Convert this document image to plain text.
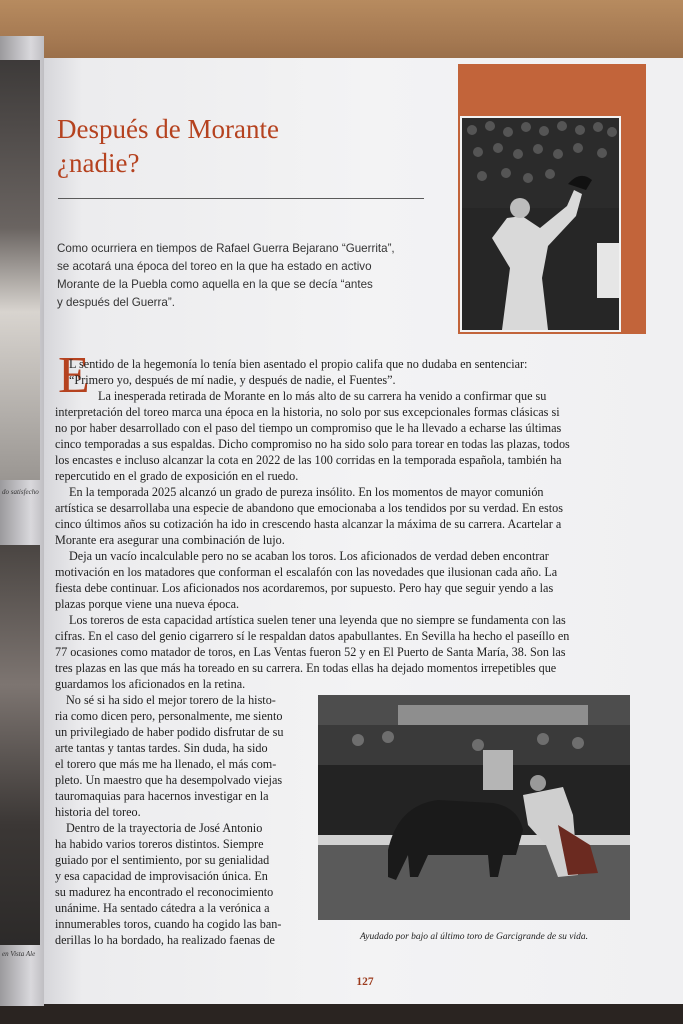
do satisfecho
en Vista Ale
Después de Morante
¿nadie?

Como ocurriera en tiempos de Rafael Guerra Bejarano “Guerrita”,
se acotará una época del toreo en la que ha estado en activo
Morante de la Puebla como aquella en la que se decía “antes
y después del Guerra”.

E
L sentido de la hegemonía lo tenía bien asentado el propio califa que no dudaba en sentenciar:
“Primero yo, después de mí nadie, y después de nadie, el Fuentes”.
La inesperada retirada de Morante en lo más alto de su carrera ha venido a confirmar que su
interpretación del toreo marca una época en la historia, no solo por sus excepcionales formas clásicas si
no por haber desarrollado con el paso del tiempo un compromiso que le ha llevado a echarse las últimas
cinco temporadas a sus espaldas. Dicho compromiso no ha sido solo para torear en todas las plazas, todos
los encastes e incluso alcanzar la cota en 2022 de las 100 corridas en la temporada española, también ha
repercutido en el grado de exposición en el ruedo.
En la temporada 2025 alcanzó un grado de pureza insólito. En los momentos de mayor comunión
artística se desarrollaba una especie de abandono que emocionaba a los tendidos por su verdad. En estos
cinco últimos años su cotización ha ido in crescendo hasta alcanzar la máxima de su carrera. Acartelar a
Morante era asegurar una combinación de lujo.
Deja un vacío incalculable pero no se acaban los toros. Los aficionados de verdad deben encontrar
motivación en los matadores que conforman el escalafón con las novedades que ilusionan cada año. La
fiesta debe continuar. Los aficionados nos acordaremos, por supuesto. Pero hay que seguir yendo a las
plazas porque viene una nueva época.
Los toreros de esta capacidad artística suelen tener una leyenda que no siempre se fundamenta con las
cifras. En el caso del genio cigarrero sí le respaldan datos apabullantes. En Sevilla ha hecho el paseíllo en
77 ocasiones como matador de toros, en Las Ventas fueron 52 y en El Puerto de Santa María, 38. Son las
tres plazas en las que más ha toreado en su carrera. En todas ellas ha dejado momentos irrepetibles que
guardamos los aficionados en la retina.
No sé si ha sido el mejor torero de la histo-
ria como dicen pero, personalmente, me siento
un privilegiado de haber podido disfrutar de su
arte tantas y tantas tardes. Sin duda, ha sido
el torero que más me ha llenado, el más com-
pleto. Un maestro que ha desempolvado viejas
tauromaquias para hacernos investigar en la
historia del toreo.
Dentro de la trayectoria de José Antonio
ha habido varios toreros distintos. Siempre
guiado por el sentimiento, por su genialidad
y esa capacidad de improvisación única. En
su madurez ha encontrado el reconocimiento
unánime. Ha sentado cátedra a la verónica a
innumerables toros, cuando ha cogido las ban-
derillas lo ha bordado, ha realizado faenas de	Ayudado por bajo al último toro de Garcigrande de su vida.
127
